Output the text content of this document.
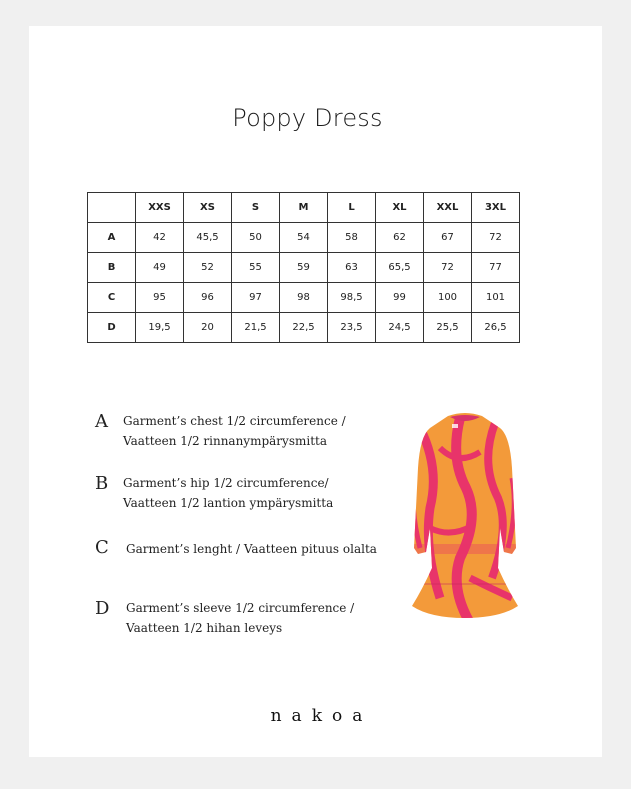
Poppy Dress
	XXS	XS	S	M	L	XL	XXL	3XL
A	42	45,5	50	54	58	62	67	72
B	49	52	55	59	63	65,5	72	77
C	95	96	97	98	98,5	99	100	101
D	19,5	20	21,5	22,5	23,5	24,5	25,5	26,5
A Garment’s chest 1/2 circumference /
Vaatteen 1/2 rinnanympärysmitta
B Garment’s hip 1/2 circumference/
Vaatteen 1/2 lantion ympärysmitta
C Garment’s lenght / Vaatteen pituus olalta
D Garment’s sleeve 1/2 circumference /
Vaatteen 1/2 hihan leveys
nakoa
